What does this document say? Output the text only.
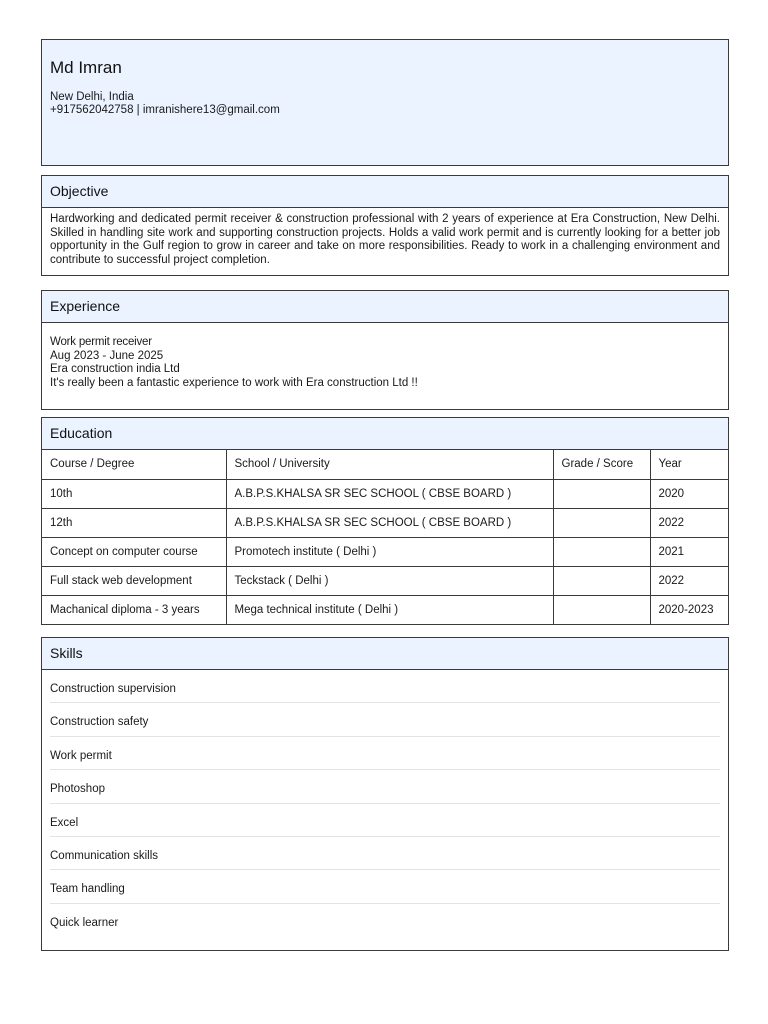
Md Imran
New Delhi, India
+917562042758 | imranishere13@gmail.com
Objective

Hardworking and dedicated permit receiver & construction professional with 2 years of experience at Era Construction, New Delhi. Skilled in handling site work and supporting construction projects. Holds a valid work permit and is currently looking for a better job opportunity in the Gulf region to grow in career and take on more responsibilities. Ready to work in a challenging environment and contribute to successful project completion.

Experience
Work permit receiver
Aug 2023 - June 2025
Era construction india Ltd
It's really been a fantastic experience to work with Era construction Ltd !!
Education
Course / Degree	School / University	Grade / Score	Year
10th	A.B.P.S.KHALSA SR SEC SCHOOL ( CBSE BOARD )		2020
12th	A.B.P.S.KHALSA SR SEC SCHOOL ( CBSE BOARD )		2022
Concept on computer course	Promotech institute ( Delhi )		2021
Full stack web development	Teckstack ( Delhi )		2022
Machanical diploma - 3 years	Mega technical institute ( Delhi )		2020-2023
Skills
Construction supervision
Construction safety
Work permit
Photoshop
Excel
Communication skills
Team handling
Quick learner
